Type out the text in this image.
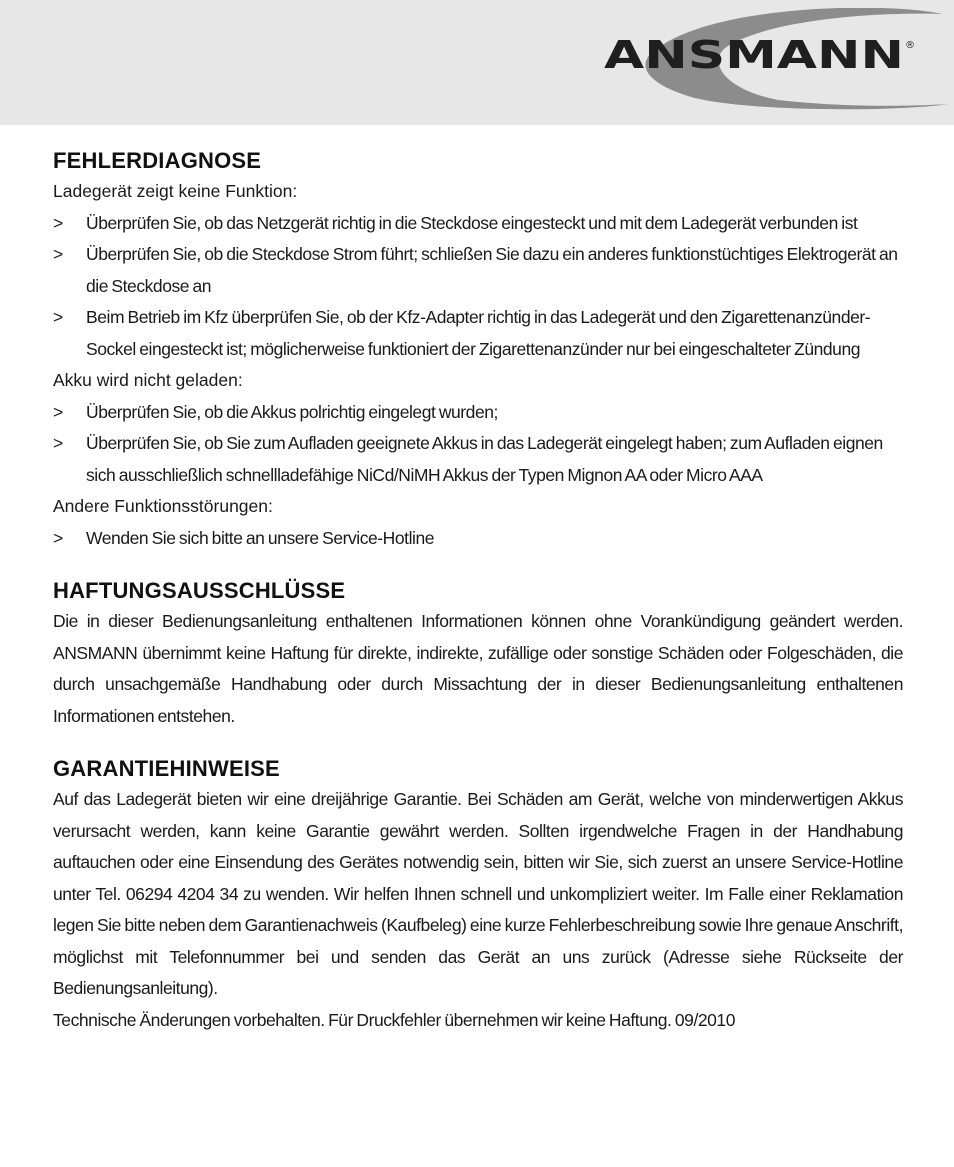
ANSMANN ®
FEHLERDIAGNOSE

Ladegerät zeigt keine Funktion:

> Überprüfen Sie, ob das Netzgerät richtig in die Steckdose eingesteckt und mit dem Ladegerät verbunden ist
> Überprüfen Sie, ob die Steckdose Strom führt; schließen Sie dazu ein anderes funktionstüchtiges Elektrogerät an die Steckdose an
> Beim Betrieb im Kfz überprüfen Sie, ob der Kfz-Adapter richtig in das Ladegerät und den Zigarettenanzünder-Sockel eingesteckt ist; möglicherweise funktioniert der Zigarettenanzünder nur bei eingeschalteter Zündung

Akku wird nicht geladen:

> Überprüfen Sie, ob die Akkus polrichtig eingelegt wurden;
> Überprüfen Sie, ob Sie zum Aufladen geeignete Akkus in das Ladegerät eingelegt haben; zum Aufladen eignen sich ausschließlich schnellladefähige NiCd/NiMH Akkus der Typen Mignon AA oder Micro AAA

Andere Funktionsstörungen:

> Wenden Sie sich bitte an unsere Service-Hotline
HAFTUNGSAUSSCHLÜSSE

Die in dieser Bedienungsanleitung enthaltenen Informationen können ohne Vorankündigung geändert werden. ANSMANN übernimmt keine Haftung für direkte, indirekte, zufällige oder sonstige Schäden oder Folgeschäden, die durch unsachgemäße Handhabung oder durch Missachtung der in dieser Bedienungsanleitung enthaltenen Informationen entstehen.

GARANTIEHINWEISE

Auf das Ladegerät bieten wir eine dreijährige Garantie. Bei Schäden am Gerät, welche von minderwertigen Akkus verursacht werden, kann keine Garantie gewährt werden. Sollten irgendwelche Fragen in der Handhabung auftauchen oder eine Einsendung des Gerätes notwendig sein, bitten wir Sie, sich zuerst an unsere Service-Hotline unter Tel. 06294 4204 34 zu wenden. Wir helfen Ihnen schnell und unkompliziert weiter. Im Falle einer Reklamation legen Sie bitte neben dem Garantienachweis (Kaufbeleg) eine kurze Fehlerbeschreibung sowie Ihre genaue Anschrift, möglichst mit Telefonnummer bei und senden das Gerät an uns zurück (Adresse siehe Rückseite der Bedienungsanleitung).

Technische Änderungen vorbehalten. Für Druckfehler übernehmen wir keine Haftung. 09/2010
